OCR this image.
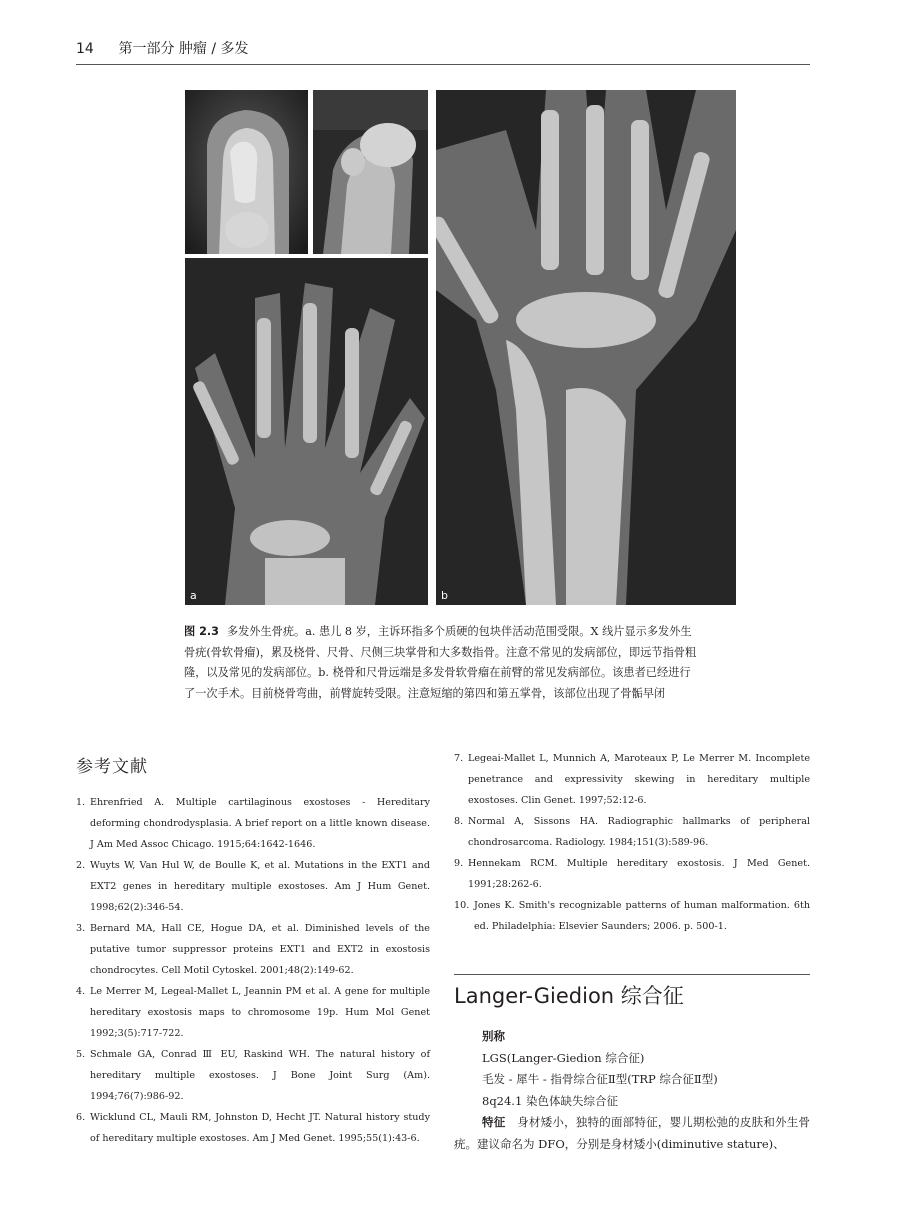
14 第一部分 肿瘤 / 多发
a	b
图 2.3 多发外生骨疣。a. 患儿 8 岁，主诉环指多个质硬的包块伴活动范围受限。X 线片显示多发外生
骨疣(骨软骨瘤)，累及桡骨、尺骨、尺侧三块掌骨和大多数指骨。注意不常见的发病部位，即远节指骨粗
隆，以及常见的发病部位。b. 桡骨和尺骨远端是多发骨软骨瘤在前臂的常见发病部位。该患者已经进行
了一次手术。目前桡骨弯曲，前臂旋转受限。注意短缩的第四和第五掌骨，该部位出现了骨骺早闭
参考文献
1. Ehrenfried A. Multiple cartilaginous exostoses - Hereditary deforming chondrodysplasia. A brief report on a little known disease. J Am Med Assoc Chicago. 1915;64:1642-1646.
2. Wuyts W, Van Hul W, de Boulle K, et al. Mutations in the EXT1 and EXT2 genes in hereditary multiple exostoses. Am J Hum Genet. 1998;62(2):346-54.
3. Bernard MA, Hall CE, Hogue DA, et al. Diminished levels of the putative tumor suppressor proteins EXT1 and EXT2 in exostosis chondrocytes. Cell Motil Cytoskel. 2001;48(2):149-62.
4. Le Merrer M, Legeal-Mallet L, Jeannin PM et al. A gene for multiple hereditary exostosis maps to chromosome 19p. Hum Mol Genet 1992;3(5):717-722.
5. Schmale GA, Conrad Ⅲ EU, Raskind WH. The natural history of hereditary multiple exostoses. J Bone Joint Surg (Am). 1994;76(7):986-92.
6. Wicklund CL, Mauli RM, Johnston D, Hecht JT. Natural history study of hereditary multiple exostoses. Am J Med Genet. 1995;55(1):43-6.
7. Legeai-Mallet L, Munnich A, Maroteaux P, Le Merrer M. Incomplete penetrance and expressivity skewing in hereditary multiple exostoses. Clin Genet. 1997;52:12-6.
8. Normal A, Sissons HA. Radiographic hallmarks of peripheral chondrosarcoma. Radiology. 1984;151(3):589-96.
9. Hennekam RCM. Multiple hereditary exostosis. J Med Genet. 1991;28:262-6.
10. Jones K. Smith's recognizable patterns of human malformation. 6th ed. Philadelphia: Elsevier Saunders; 2006. p. 500-1.
Langer-Giedion 综合征
别称
LGS(Langer-Giedion 综合征)
毛发 - 犀牛 - 指骨综合征Ⅱ型(TRP 综合征Ⅱ型)
8q24.1 染色体缺失综合征
特征　 身材矮小，独特的面部特征，婴儿期松弛的皮肤和外生骨疣。建议命名为 DFO，分别是身材矮小(diminutive stature)、
